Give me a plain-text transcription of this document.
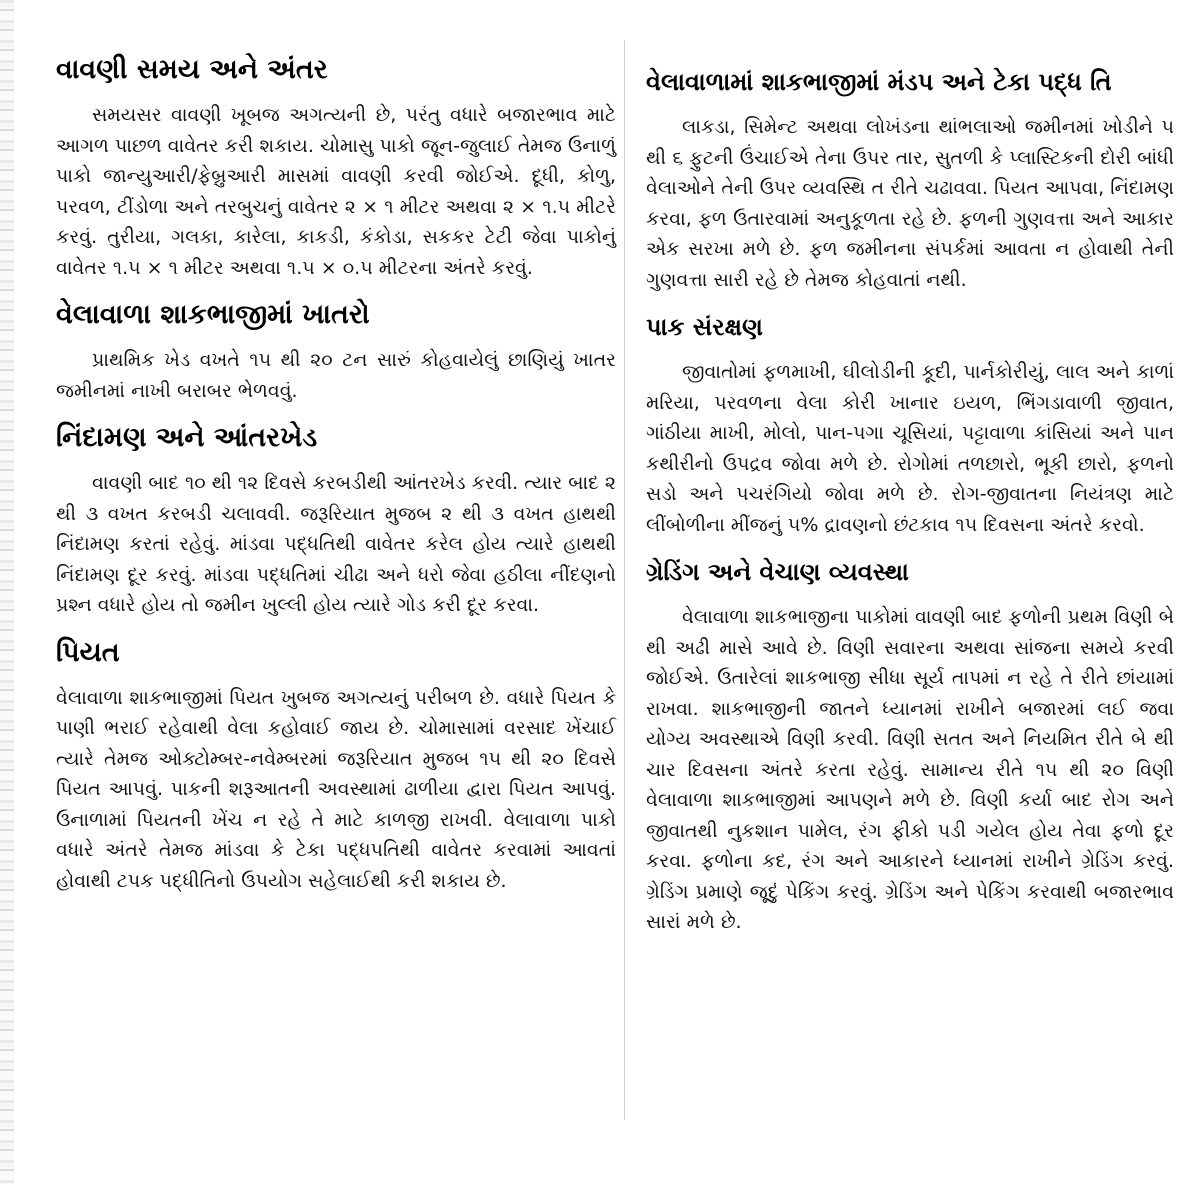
વાવણી સમય અને અંતર

સમયસર વાવણી ખૂબજ અગત્યની છે, પરંતુ વધારે બજારભાવ માટે આગળ પાછળ વાવેતર કરી શકાય. ચોમાસુ પાકો જૂન-જુલાઈ તેમજ ઉનાળું પાકો જાન્યુઆરી/ફેબ્રુઆરી માસમાં વાવણી કરવી જોઈએ. દૂધી, કોળુ, પરવળ, ટીંડોળા અને તરબુચનું વાવેતર ૨ × ૧ મીટર અથવા ૨ × ૧.૫ મીટરે કરવું. તુરીયા, ગલકા, કારેલા, કાકડી, કંકોડા, સકકર ટેટી જેવા પાકોનું વાવેતર ૧.૫ × ૧ મીટર અથવા ૧.૫ × ૦.૫ મીટરના અંતરે કરવું.

વેલાવાળા શાકભાજીમાં ખાતરો

પ્રાથમિક ખેડ વખતે ૧૫ થી ૨૦ ટન સારું કોહવાયેલું છાણિયું ખાતર જમીનમાં નાખી બરાબર ભેળવવું.

નિંદામણ અને આંતરખેડ

વાવણી બાદ ૧૦ થી ૧૨ દિવસે કરબડીથી આંતરખેડ કરવી. ત્યાર બાદ ૨ થી ૩ વખત કરબડી ચલાવવી. જરૂરિયાત મુજબ ૨ થી ૩ વખત હાથથી નિંદામણ કરતાં રહેવું. માંડવા પદ્ધતિથી વાવેતર કરેલ હોય ત્યારે હાથથી નિંદામણ દૂર કરવું. માંડવા પદ્ધતિમાં ચીઢા અને ધરો જેવા હઠીલા નીંદણનો પ્રશ્ન વધારે હોય તો જમીન ખુલ્લી હોય ત્યારે ગોડ કરી દૂર કરવા.

પિયત

વેલાવાળા શાકભાજીમાં પિયત ખુબજ અગત્યનું પરીબળ છે. વધારે પિયત કે પાણી ભરાઈ રહેવાથી વેલા કહોવાઈ જાય છે. ચોમાસામાં વરસાદ ખેંચાઈ ત્યારે તેમજ ઓક્ટોમ્બર-નવેમ્બરમાં જરૂરિયાત મુજબ ૧૫ થી ૨૦ દિવસે પિયત આપવું. પાકની શરૂઆતની અવસ્થામાં ઢાળીયા દ્વારા પિયત આપવું. ઉનાળામાં પિયતની ખેંચ ન રહે તે માટે કાળજી રાખવી. વેલાવાળા પાકો વધારે અંતરે તેમજ માંડવા કે ટેકા પદ્ધપતિથી વાવેતર કરવામાં આવતાં હોવાથી ટપક પદ્ધીતિનો ઉપયોગ સહેલાઈથી કરી શકાય છે.

વેલાવાળામાં શાકભાજીમાં મંડપ અને ટેકા પદ્ધ તિ

લાકડા, સિમેન્ટ અથવા લોખંડના થાંભલાઓ જમીનમાં ખોડીને ૫ થી ૬ ફુટની ઉંચાઈએ તેના ઉપર તાર, સુતળી કે પ્લાસ્ટિકની દોરી બાંધી વેલાઓને તેની ઉપર વ્યવસ્થિ ત રીતે ચઢાવવા. પિયત આપવા, નિંદામણ કરવા, ફળ ઉતારવામાં અનુકૂળતા રહે છે. ફળની ગુણવત્તા અને આકાર એક સરખા મળે છે. ફળ જમીનના સંપર્કમાં આવતા ન હોવાથી તેની ગુણવત્તા સારી રહે છે તેમજ કોહવાતાં નથી.

પાક સંરક્ષણ

જીવાતોમાં ફળમાખી, ઘીલોડીની કૂદી, પાર્નકોરીયું, લાલ અને કાળાં મરિયા, પરવળના વેલા કોરી ખાનાર ઇયળ, ભિંગડાવાળી જીવાત, ગાંઠીયા માખી, મોલો, પાન-પગા ચૂસિયાં, પટ્ટાવાળા કાંસિયાં અને પાન કથીરીનો ઉપદ્રવ જોવા મળે છે. રોગોમાં તળછારો, ભૂકી છારો, ફળનો સડો અને પચરંગિયો જોવા મળે છે. રોગ-જીવાતના નિયંત્રણ માટે લીંબોળીના મીંજનું ૫% દ્રાવણનો છંટકાવ ૧૫ દિવસના અંતરે કરવો.

ગ્રેડિંગ અને વેચાણ વ્યવસ્થા

વેલાવાળા શાકભાજીના પાકોમાં વાવણી બાદ ફળોની પ્રથમ વિણી બે થી અઢી માસે આવે છે. વિણી સવારના અથવા સાંજના સમયે કરવી જોઈએ. ઉતારેલાં શાકભાજી સીધા સૂર્ય તાપમાં ન રહે તે રીતે છાંયામાં રાખવા. શાકભાજીની જાતને ધ્યાનમાં રાખીને બજારમાં લઈ જવા યોગ્ય અવસ્થાએ વિણી કરવી. વિણી સતત અને નિયમિત રીતે બે થી ચાર દિવસના અંતરે કરતા રહેવું. સામાન્ય રીતે ૧૫ થી ૨૦ વિણી વેલાવાળા શાકભાજીમાં આપણને મળે છે. વિણી કર્યા બાદ રોગ અને જીવાતથી નુકશાન પામેલ, રંગ ફીકો પડી ગયેલ હોય તેવા ફળો દૂર કરવા. ફળોના કદ, રંગ અને આકારને ધ્યાનમાં રાખીને ગ્રેડિંગ કરવું. ગ્રેડિંગ પ્રમાણે જૂદું પેકિંગ કરવું. ગ્રેડિંગ અને પેકિંગ કરવાથી બજારભાવ સારાં મળે છે.
